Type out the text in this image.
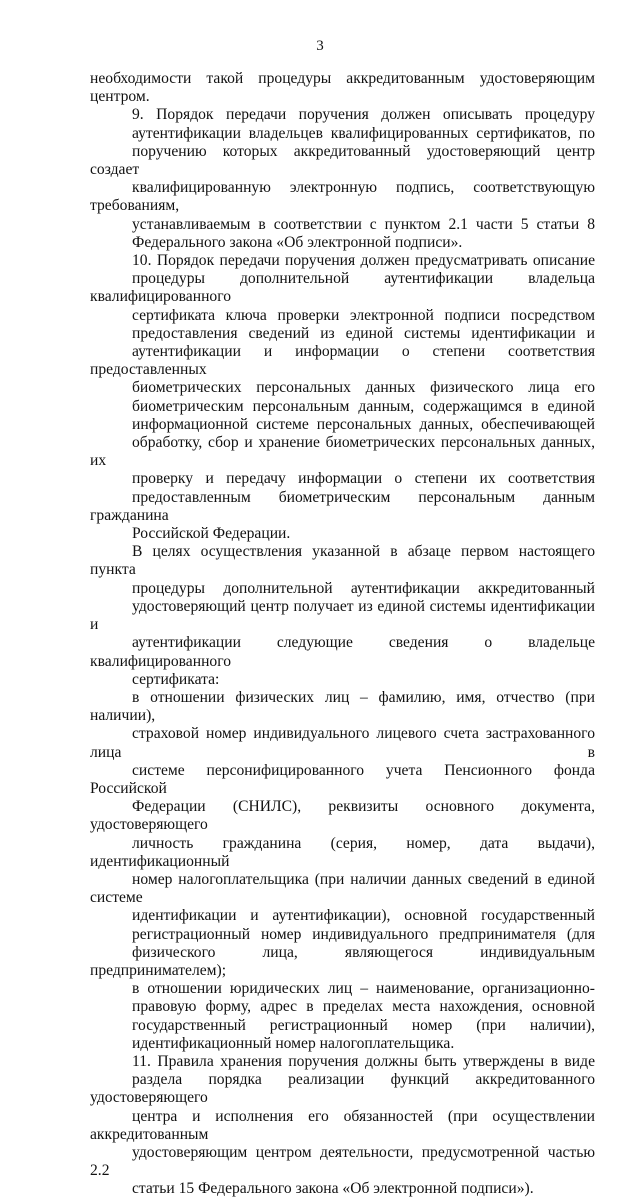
3
необходимости такой процедуры аккредитованным удостоверяющим
центром.
9. Порядок передачи поручения должен описывать процедуру
аутентификации владельцев квалифицированных сертификатов, по
поручению которых аккредитованный удостоверяющий центр создает
квалифицированную электронную подпись, соответствующую требованиям,
устанавливаемым в соответствии с пунктом 2.1 части 5 статьи 8
Федерального закона «Об электронной подписи».
10. Порядок передачи поручения должен предусматривать описание
процедуры дополнительной аутентификации владельца квалифицированного
сертификата ключа проверки электронной подписи посредством
предоставления сведений из единой системы идентификации и
аутентификации и информации о степени соответствия предоставленных
биометрических персональных данных физического лица его
биометрическим персональным данным, содержащимся в единой
информационной системе персональных данных, обеспечивающей
обработку, сбор и хранение биометрических персональных данных, их
проверку и передачу информации о степени их соответствия
предоставленным биометрическим персональным данным гражданина
Российской Федерации.
В целях осуществления указанной в абзаце первом настоящего пункта
процедуры дополнительной аутентификации аккредитованный
удостоверяющий центр получает из единой системы идентификации и
аутентификации следующие сведения о владельце квалифицированного
сертификата:
в отношении физических лиц – фамилию, имя, отчество (при наличии),
страховой номер индивидуального лицевого счета застрахованного лица в
системе персонифицированного учета Пенсионного фонда Российской
Федерации (СНИЛС), реквизиты основного документа, удостоверяющего
личность гражданина (серия, номер, дата выдачи), идентификационный
номер налогоплательщика (при наличии данных сведений в единой системе
идентификации и аутентификации), основной государственный
регистрационный номер индивидуального предпринимателя (для
физического лица, являющегося индивидуальным предпринимателем);
в отношении юридических лиц – наименование, организационно-
правовую форму, адрес в пределах места нахождения, основной
государственный регистрационный номер (при наличии),
идентификационный номер налогоплательщика.
11. Правила хранения поручения должны быть утверждены в виде
раздела порядка реализации функций аккредитованного удостоверяющего
центра и исполнения его обязанностей (при осуществлении аккредитованным
удостоверяющим центром деятельности, предусмотренной частью 2.2
статьи 15 Федерального закона «Об электронной подписи»).
